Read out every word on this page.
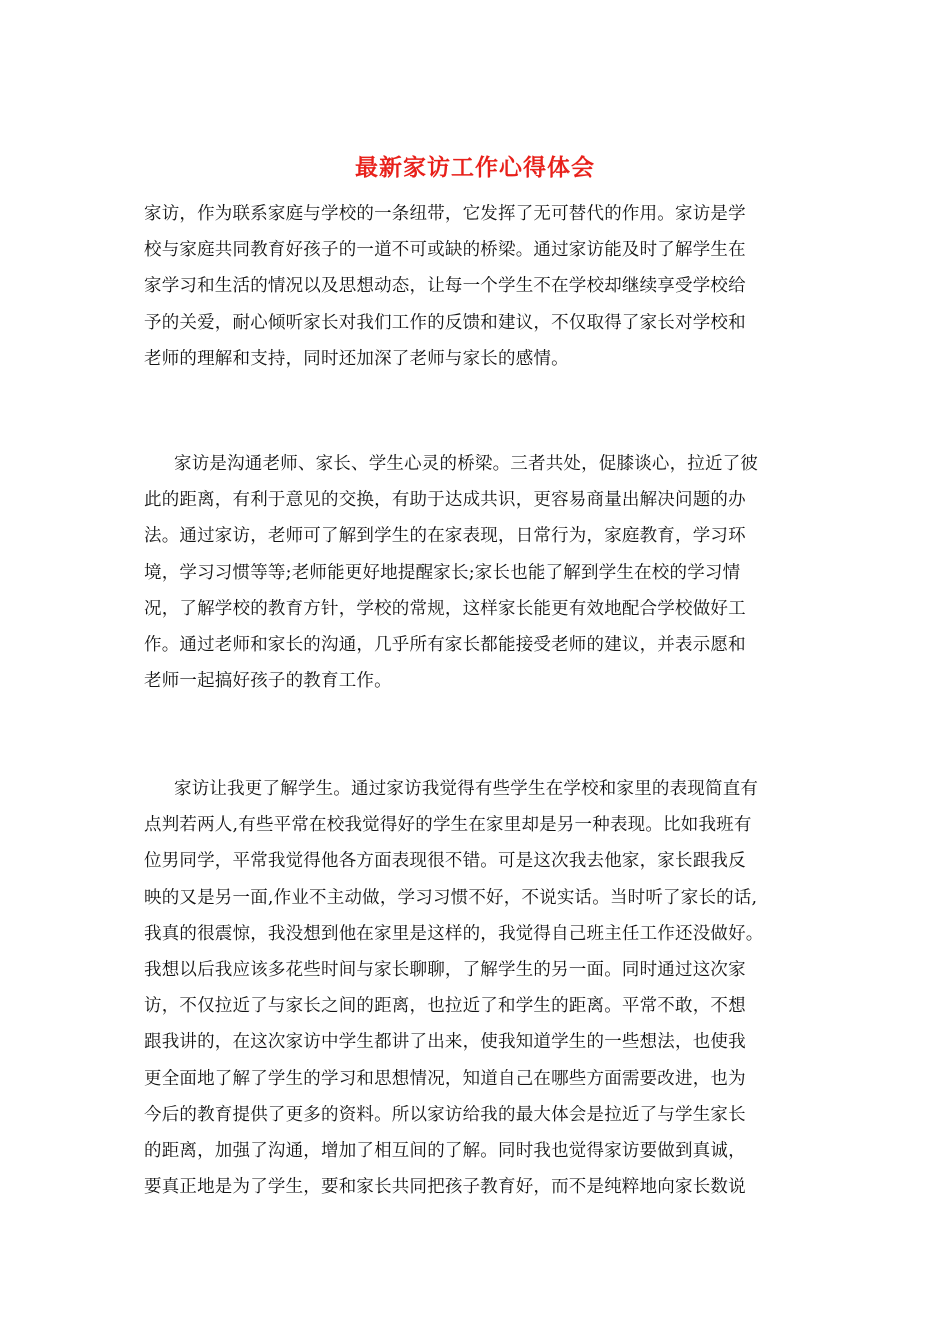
最新家访工作心得体会
家访，作为联系家庭与学校的一条纽带，它发挥了无可替代的作用。家访是学
校与家庭共同教育好孩子的一道不可或缺的桥梁。通过家访能及时了解学生在
家学习和生活的情况以及思想动态，让每一个学生不在学校却继续享受学校给
予的关爱，耐心倾听家长对我们工作的反馈和建议，不仅取得了家长对学校和
老师的理解和支持，同时还加深了老师与家长的感情。
家访是沟通老师、家长、学生心灵的桥梁。三者共处，促膝谈心，拉近了彼
此的距离，有利于意见的交换，有助于达成共识，更容易商量出解决问题的办
法。通过家访，老师可了解到学生的在家表现，日常行为，家庭教育，学习环
境，学习习惯等等;老师能更好地提醒家长;家长也能了解到学生在校的学习情
况，了解学校的教育方针，学校的常规，这样家长能更有效地配合学校做好工
作。通过老师和家长的沟通，几乎所有家长都能接受老师的建议，并表示愿和
老师一起搞好孩子的教育工作。
家访让我更了解学生。通过家访我觉得有些学生在学校和家里的表现简直有
点判若两人,有些平常在校我觉得好的学生在家里却是另一种表现。比如我班有
位男同学，平常我觉得他各方面表现很不错。可是这次我去他家，家长跟我反
映的又是另一面,作业不主动做，学习习惯不好，不说实话。当时听了家长的话,
我真的很震惊，我没想到他在家里是这样的，我觉得自己班主任工作还没做好。
我想以后我应该多花些时间与家长聊聊，了解学生的另一面。同时通过这次家
访，不仅拉近了与家长之间的距离，也拉近了和学生的距离。平常不敢，不想
跟我讲的，在这次家访中学生都讲了出来，使我知道学生的一些想法，也使我
更全面地了解了学生的学习和思想情况，知道自己在哪些方面需要改进，也为
今后的教育提供了更多的资料。所以家访给我的最大体会是拉近了与学生家长
的距离，加强了沟通，增加了相互间的了解。同时我也觉得家访要做到真诚，
要真正地是为了学生，要和家长共同把孩子教育好，而不是纯粹地向家长数说
